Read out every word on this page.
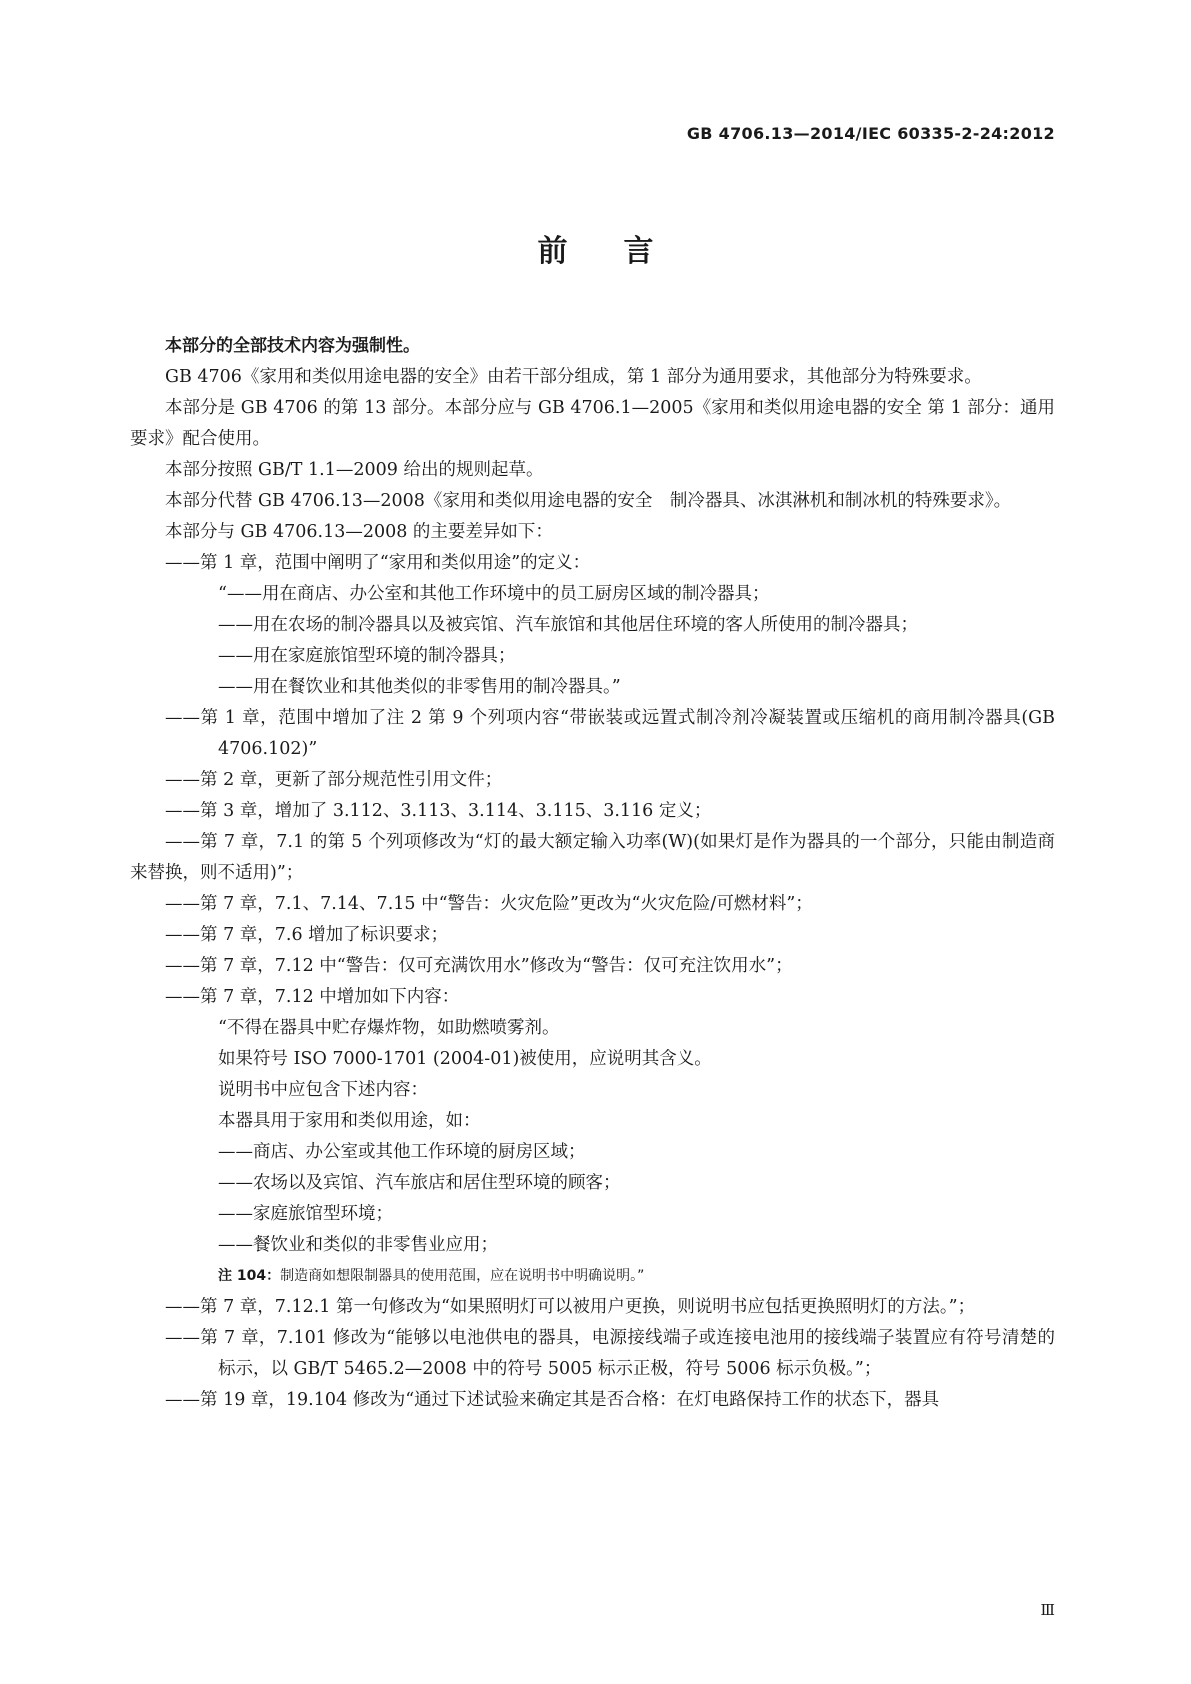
GB 4706.13—2014/IEC 60335-2-24:2012
前言

本部分的全部技术内容为强制性。

GB 4706《家用和类似用途电器的安全》由若干部分组成，第 1 部分为通用要求，其他部分为特殊要求。

本部分是 GB 4706 的第 13 部分。本部分应与 GB 4706.1—2005《家用和类似用途电器的安全 第 1 部分：通用要求》配合使用。

本部分按照 GB/T 1.1—2009 给出的规则起草。

本部分代替 GB 4706.13—2008《家用和类似用途电器的安全　制冷器具、冰淇淋机和制冰机的特殊要求》。

本部分与 GB 4706.13—2008 的主要差异如下：

——第 1 章，范围中阐明了“家用和类似用途”的定义：

“——用在商店、办公室和其他工作环境中的员工厨房区域的制冷器具；

——用在农场的制冷器具以及被宾馆、汽车旅馆和其他居住环境的客人所使用的制冷器具；

——用在家庭旅馆型环境的制冷器具；

——用在餐饮业和其他类似的非零售用的制冷器具。”

——第 1 章，范围中增加了注 2 第 9 个列项内容“带嵌装或远置式制冷剂冷凝装置或压缩机的商用制冷器具(GB 4706.102)”

——第 2 章，更新了部分规范性引用文件；

——第 3 章，增加了 3.112、3.113、3.114、3.115、3.116 定义；

——第 7 章，7.1 的第 5 个列项修改为“灯的最大额定输入功率(W)(如果灯是作为器具的一个部分，只能由制造商来替换，则不适用)”；

——第 7 章，7.1、7.14、7.15 中“警告：火灾危险”更改为“火灾危险/可燃材料”；

——第 7 章，7.6 增加了标识要求；

——第 7 章，7.12 中“警告：仅可充满饮用水”修改为“警告：仅可充注饮用水”；

——第 7 章，7.12 中增加如下内容：

“不得在器具中贮存爆炸物，如助燃喷雾剂。

如果符号 ISO 7000-1701 (2004-01)被使用，应说明其含义。

说明书中应包含下述内容：

本器具用于家用和类似用途，如：

——商店、办公室或其他工作环境的厨房区域；

——农场以及宾馆、汽车旅店和居住型环境的顾客；

——家庭旅馆型环境；

——餐饮业和类似的非零售业应用；

注 104：制造商如想限制器具的使用范围，应在说明书中明确说明。”

——第 7 章，7.12.1 第一句修改为“如果照明灯可以被用户更换，则说明书应包括更换照明灯的方法。”；

——第 7 章，7.101 修改为“能够以电池供电的器具，电源接线端子或连接电池用的接线端子装置应有符号清楚的标示，以 GB/T 5465.2—2008 中的符号 5005 标示正极，符号 5006 标示负极。”；

——第 19 章，19.104 修改为“通过下述试验来确定其是否合格：在灯电路保持工作的状态下，器具

Ⅲ
